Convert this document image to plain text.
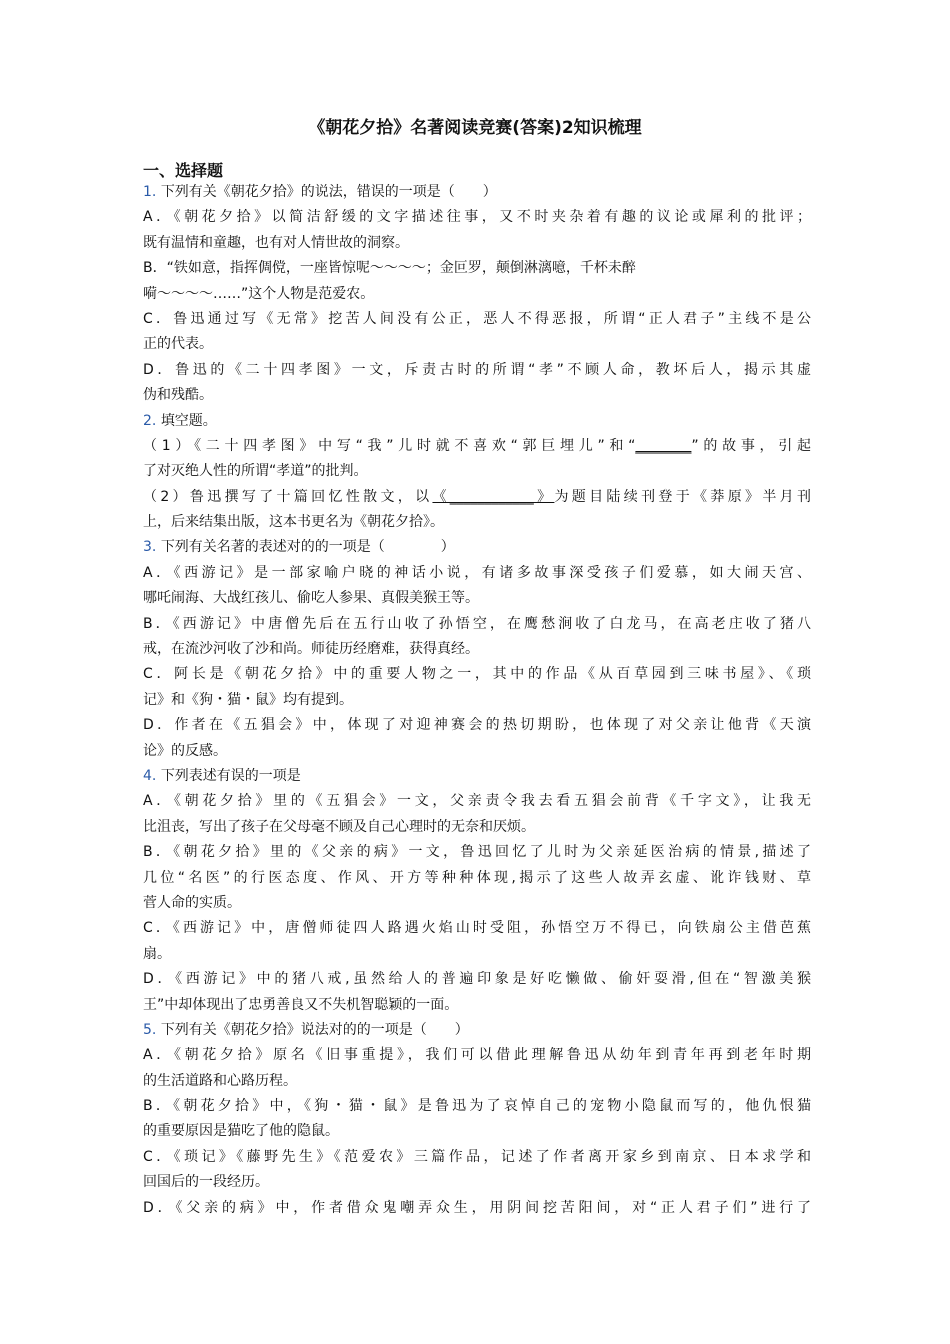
《朝花夕拾》名著阅读竞赛(答案)2知识梳理
一、选择题
1. 下列有关《朝花夕拾》的说法，错误的一项是（　　）
A．《朝花夕拾》以简洁舒缓的文字描述往事，又不时夹杂着有趣的议论或犀利的批评；
既有温情和童趣，也有对人情世故的洞察。
B．“铁如意，指挥倜傥，一座皆惊呢～～～～；金叵罗，颠倒淋漓噫，千杯未醉
嗬～～～～……”这个人物是范爱农。
C．鲁迅通过写《无常》挖苦人间没有公正，恶人不得恶报，所谓“正人君子”主线不是公
正的代表。
D．鲁迅的《二十四孝图》一文，斥责古时的所谓“孝”不顾人命，教坏后人，揭示其虚
伪和残酷。
2. 填空题。
（1）《二十四孝图》中写“我”儿时就不喜欢“郭巨埋儿”和“________”的故事，引起
了对灭绝人性的所谓“孝道”的批判。
（2）鲁迅撰写了十篇回忆性散文，以《____________》为题目陆续刊登于《莽原》半月刊
上，后来结集出版，这本书更名为《朝花夕拾》。
3. 下列有关名著的表述对的的一项是（　　　　）
A．《西游记》是一部家喻户晓的神话小说，有诸多故事深受孩子们爱慕，如大闹天宫、
哪吒闹海、大战红孩儿、偷吃人参果、真假美猴王等。
B．《西游记》中唐僧先后在五行山收了孙悟空，在鹰愁涧收了白龙马，在高老庄收了猪八
戒，在流沙河收了沙和尚。师徒历经磨难，获得真经。
C．阿长是《朝花夕拾》中的重要人物之一，其中的作品《从百草园到三味书屋》、《琐
记》和《狗・猫・鼠》均有提到。
D．作者在《五猖会》中，体现了对迎神赛会的热切期盼，也体现了对父亲让他背《天演
论》的反感。
4. 下列表述有误的一项是
A．《朝花夕拾》里的《五猖会》一文，父亲责令我去看五猖会前背《千字文》，让我无
比沮丧，写出了孩子在父母毫不顾及自己心理时的无奈和厌烦。
B．《朝花夕拾》里的《父亲的病》一文，鲁迅回忆了儿时为父亲延医治病的情景,描述了
几位“名医”的行医态度、作风、开方等种种体现,揭示了这些人故弄玄虚、讹诈钱财、草
菅人命的实质。
C．《西游记》中，唐僧师徒四人路遇火焰山时受阻，孙悟空万不得已，向铁扇公主借芭蕉
扇。
D．《西游记》中的猪八戒,虽然给人的普遍印象是好吃懒做、偷奸耍滑,但在“智激美猴
王”中却体现出了忠勇善良又不失机智聪颖的一面。
5. 下列有关《朝花夕拾》说法对的的一项是（　　）
A．《朝花夕拾》原名《旧事重提》，我们可以借此理解鲁迅从幼年到青年再到老年时期
的生活道路和心路历程。
B．《朝花夕拾》中，《狗・猫・鼠》是鲁迅为了哀悼自己的宠物小隐鼠而写的，他仇恨猫
的重要原因是猫吃了他的隐鼠。
C．《琐记》《藤野先生》《范爱农》三篇作品，记述了作者离开家乡到南京、日本求学和
回国后的一段经历。
D．《父亲的病》中，作者借众鬼嘲弄众生，用阴间挖苦阳间，对“正人君子们”进行了
